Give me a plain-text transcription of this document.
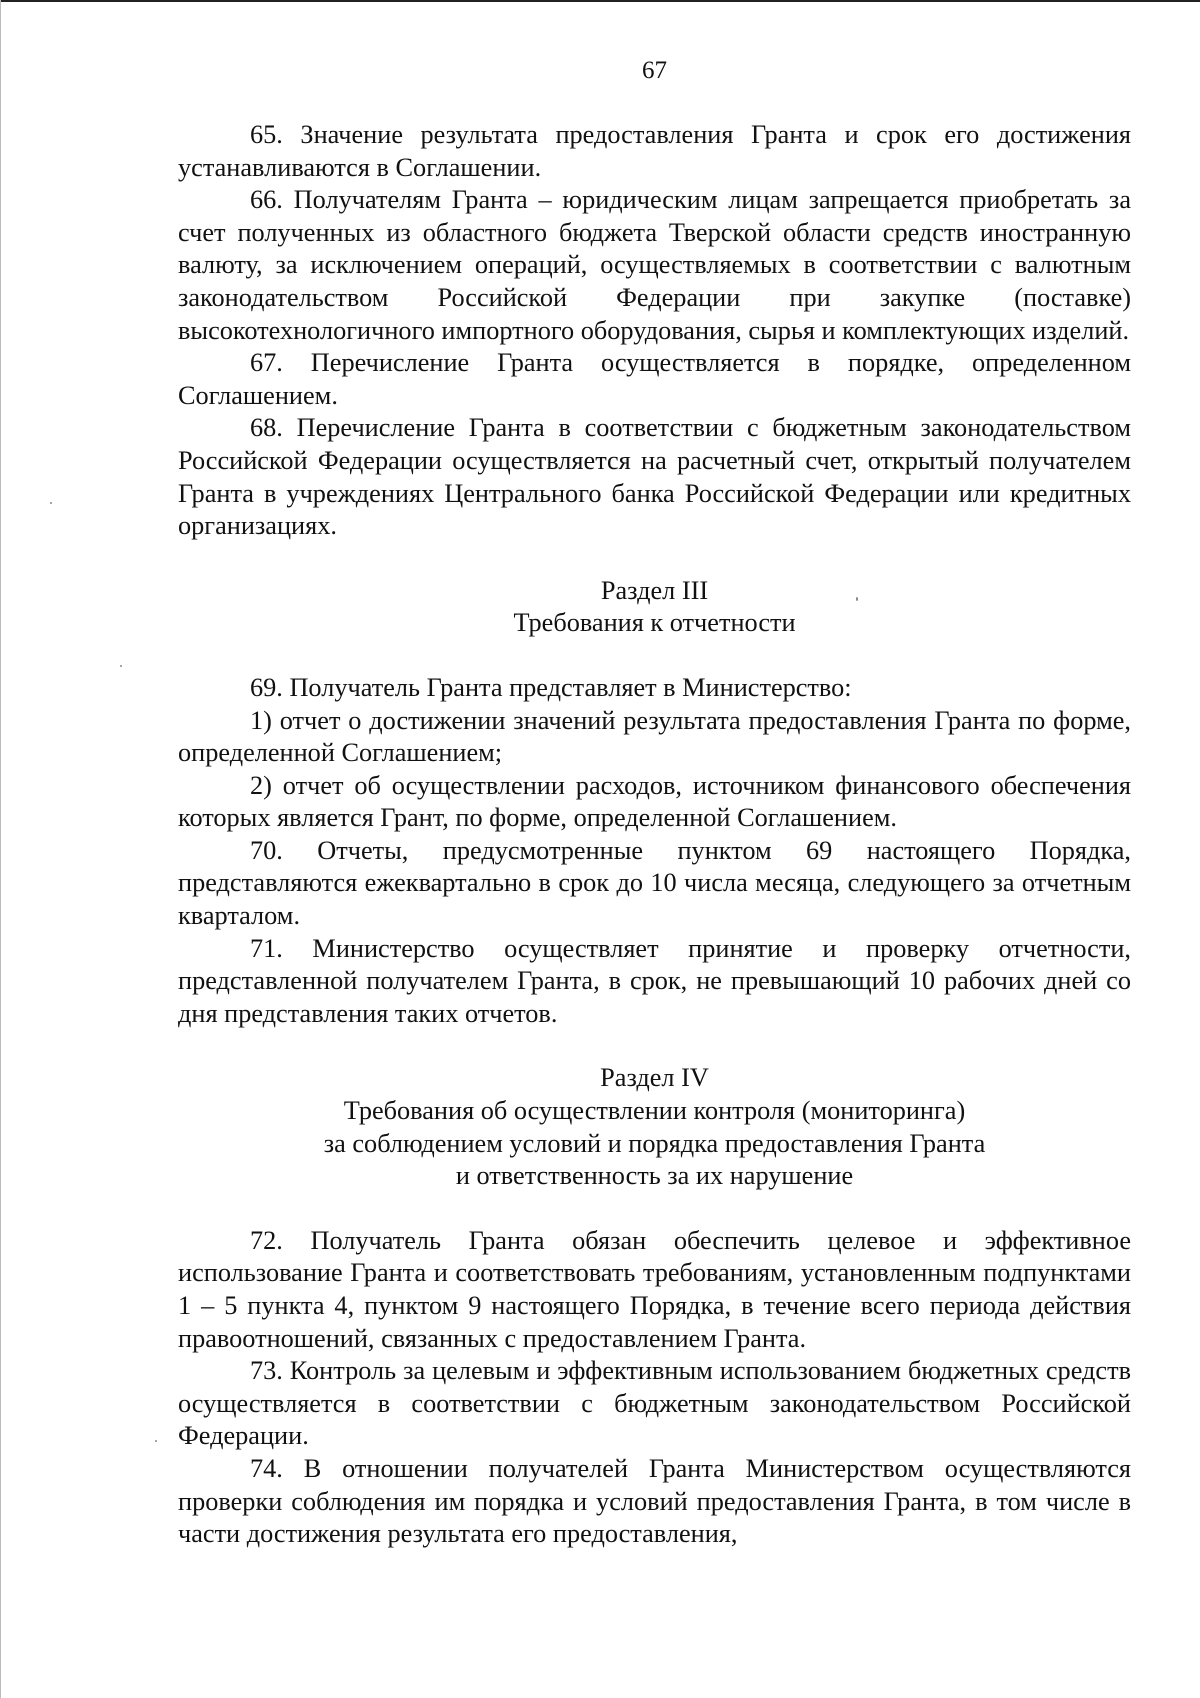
67

65. Значение результата предоставления Гранта и срок его достижения устанавливаются в Соглашении.

66. Получателям Гранта – юридическим лицам запрещается приобретать за счет полученных из областного бюджета Тверской области средств иностранную валюту, за исключением операций, осуществляемых в соответствии с валютным законодательством Российской Федерации при закупке (поставке) высокотехнологичного импортного оборудования, сырья и комплектующих изделий.

67. Перечисление Гранта осуществляется в порядке, определенном Соглашением.

68. Перечисление Гранта в соответствии с бюджетным законодательством Российской Федерации осуществляется на расчетный счет, открытый получателем Гранта в учреждениях Центрального банка Российской Федерации или кредитных организациях.

Раздел III
Требования к отчетности

69. Получатель Гранта представляет в Министерство:

1) отчет о достижении значений результата предоставления Гранта по форме, определенной Соглашением;

2) отчет об осуществлении расходов, источником финансового обеспечения которых является Грант, по форме, определенной Соглашением.

70. Отчеты, предусмотренные пунктом 69 настоящего Порядка, представляются ежеквартально в срок до 10 числа месяца, следующего за отчетным кварталом.

71. Министерство осуществляет принятие и проверку отчетности, представленной получателем Гранта, в срок, не превышающий 10 рабочих дней со дня представления таких отчетов.

Раздел IV
Требования об осуществлении контроля (мониторинга)
за соблюдением условий и порядка предоставления Гранта
и ответственность за их нарушение

72. Получатель Гранта обязан обеспечить целевое и эффективное использование Гранта и соответствовать требованиям, установленным подпунктами 1 – 5 пункта 4, пунктом 9 настоящего Порядка, в течение всего периода действия правоотношений, связанных с предоставлением Гранта.

73. Контроль за целевым и эффективным использованием бюджетных средств осуществляется в соответствии с бюджетным законодательством Российской Федерации.

74. В отношении получателей Гранта Министерством осуществляются проверки соблюдения им порядка и условий предоставления Гранта, в том числе в части достижения результата его предоставления,
